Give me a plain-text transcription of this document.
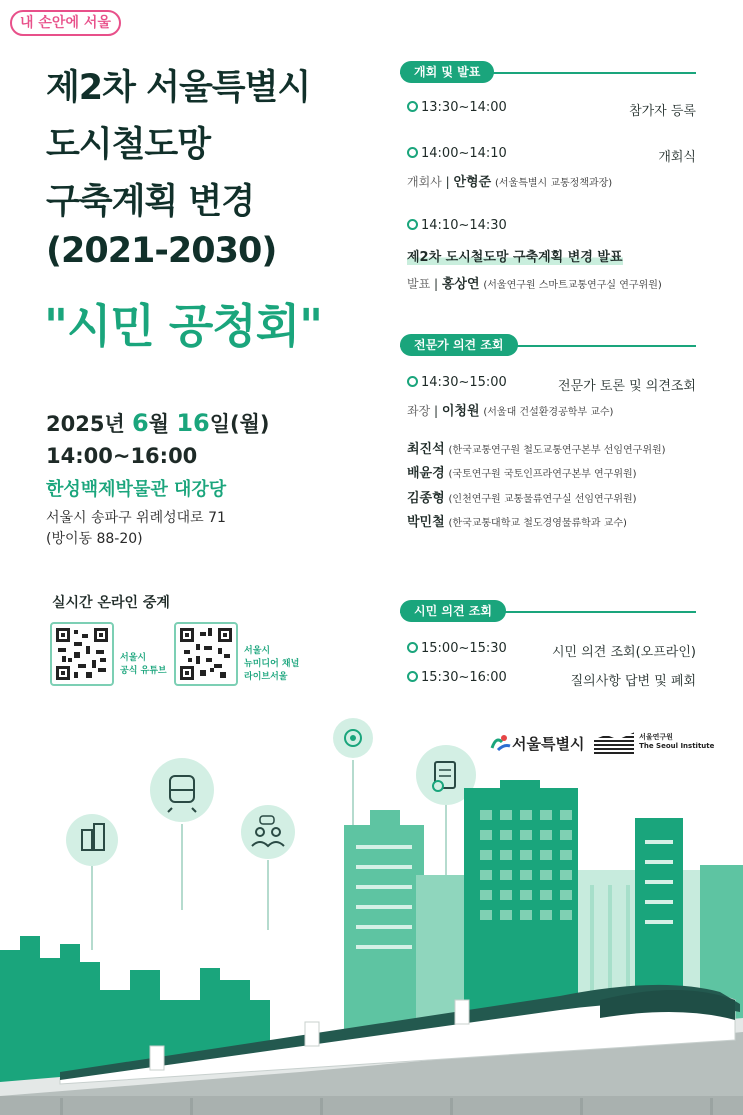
내 손안에 서울
제2차 서울특별시
도시철도망
구축계획 변경
(2021-2030)
"시민 공청회"
2025년 6월 16일(월)
14:00~16:00
한성백제박물관 대강당
서울시 송파구 위례성대로 71
(방이동 88-20)
실시간 온라인 중계
서울시
공식 유튜브
서울시
뉴미디어 채널
라이브서울
개회 및 발표
13:30~14:00	참가자 등록
14:00~14:10	개회식
개회사 | 안형준 (서울특별시 교통정책과장)
14:10~14:30
제2차 도시철도망 구축계획 변경 발표
발표 | 홍상연 (서울연구원 스마트교통연구실 연구위원)
전문가 의견 조회
14:30~15:00	전문가 토론 및 의견조회
좌장 | 이청원 (서울대 건설환경공학부 교수)
최진석 (한국교통연구원 철도교통연구본부 선임연구위원)
배윤경 (국토연구원 국토인프라연구본부 연구위원)
김종형 (인천연구원 교통물류연구실 선임연구위원)
박민철 (한국교통대학교 철도경영물류학과 교수)
시민 의견 조회
15:00~15:30	시민 의견 조회(오프라인)
15:30~16:00	질의사항 답변 및 폐회
서울특별시
	서울연구원
The Seoul Institute
